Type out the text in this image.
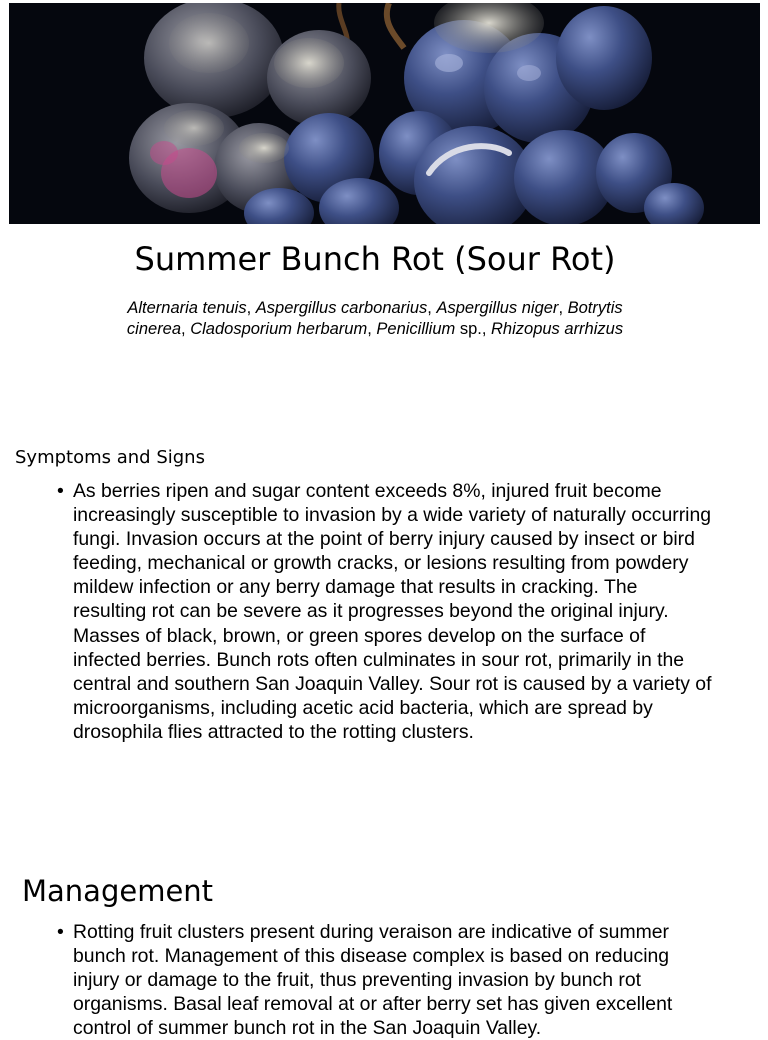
Summer Bunch Rot (Sour Rot)

Alternaria tenuis, Aspergillus carbonarius, Aspergillus niger, Botrytis cinerea, Cladosporium herbarum, Penicillium sp., Rhizopus arrhizus

Symptoms and Signs
• As berries ripen and sugar content exceeds 8%, injured fruit become increasingly susceptible to invasion by a wide variety of naturally occurring fungi. Invasion occurs at the point of berry injury caused by insect or bird feeding, mechanical or growth cracks, or lesions resulting from powdery mildew infection or any berry damage that results in cracking. The resulting rot can be severe as it progresses beyond the original injury. Masses of black, brown, or green spores develop on the surface of infected berries. Bunch rots often culminates in sour rot, primarily in the central and southern San Joaquin Valley. Sour rot is caused by a variety of microorganisms, including acetic acid bacteria, which are spread by drosophila flies attracted to the rotting clusters.
Management
• Rotting fruit clusters present during veraison are indicative of summer bunch rot. Management of this disease complex is based on reducing injury or damage to the fruit, thus preventing invasion by bunch rot organisms. Basal leaf removal at or after berry set has given excellent control of summer bunch rot in the San Joaquin Valley.
